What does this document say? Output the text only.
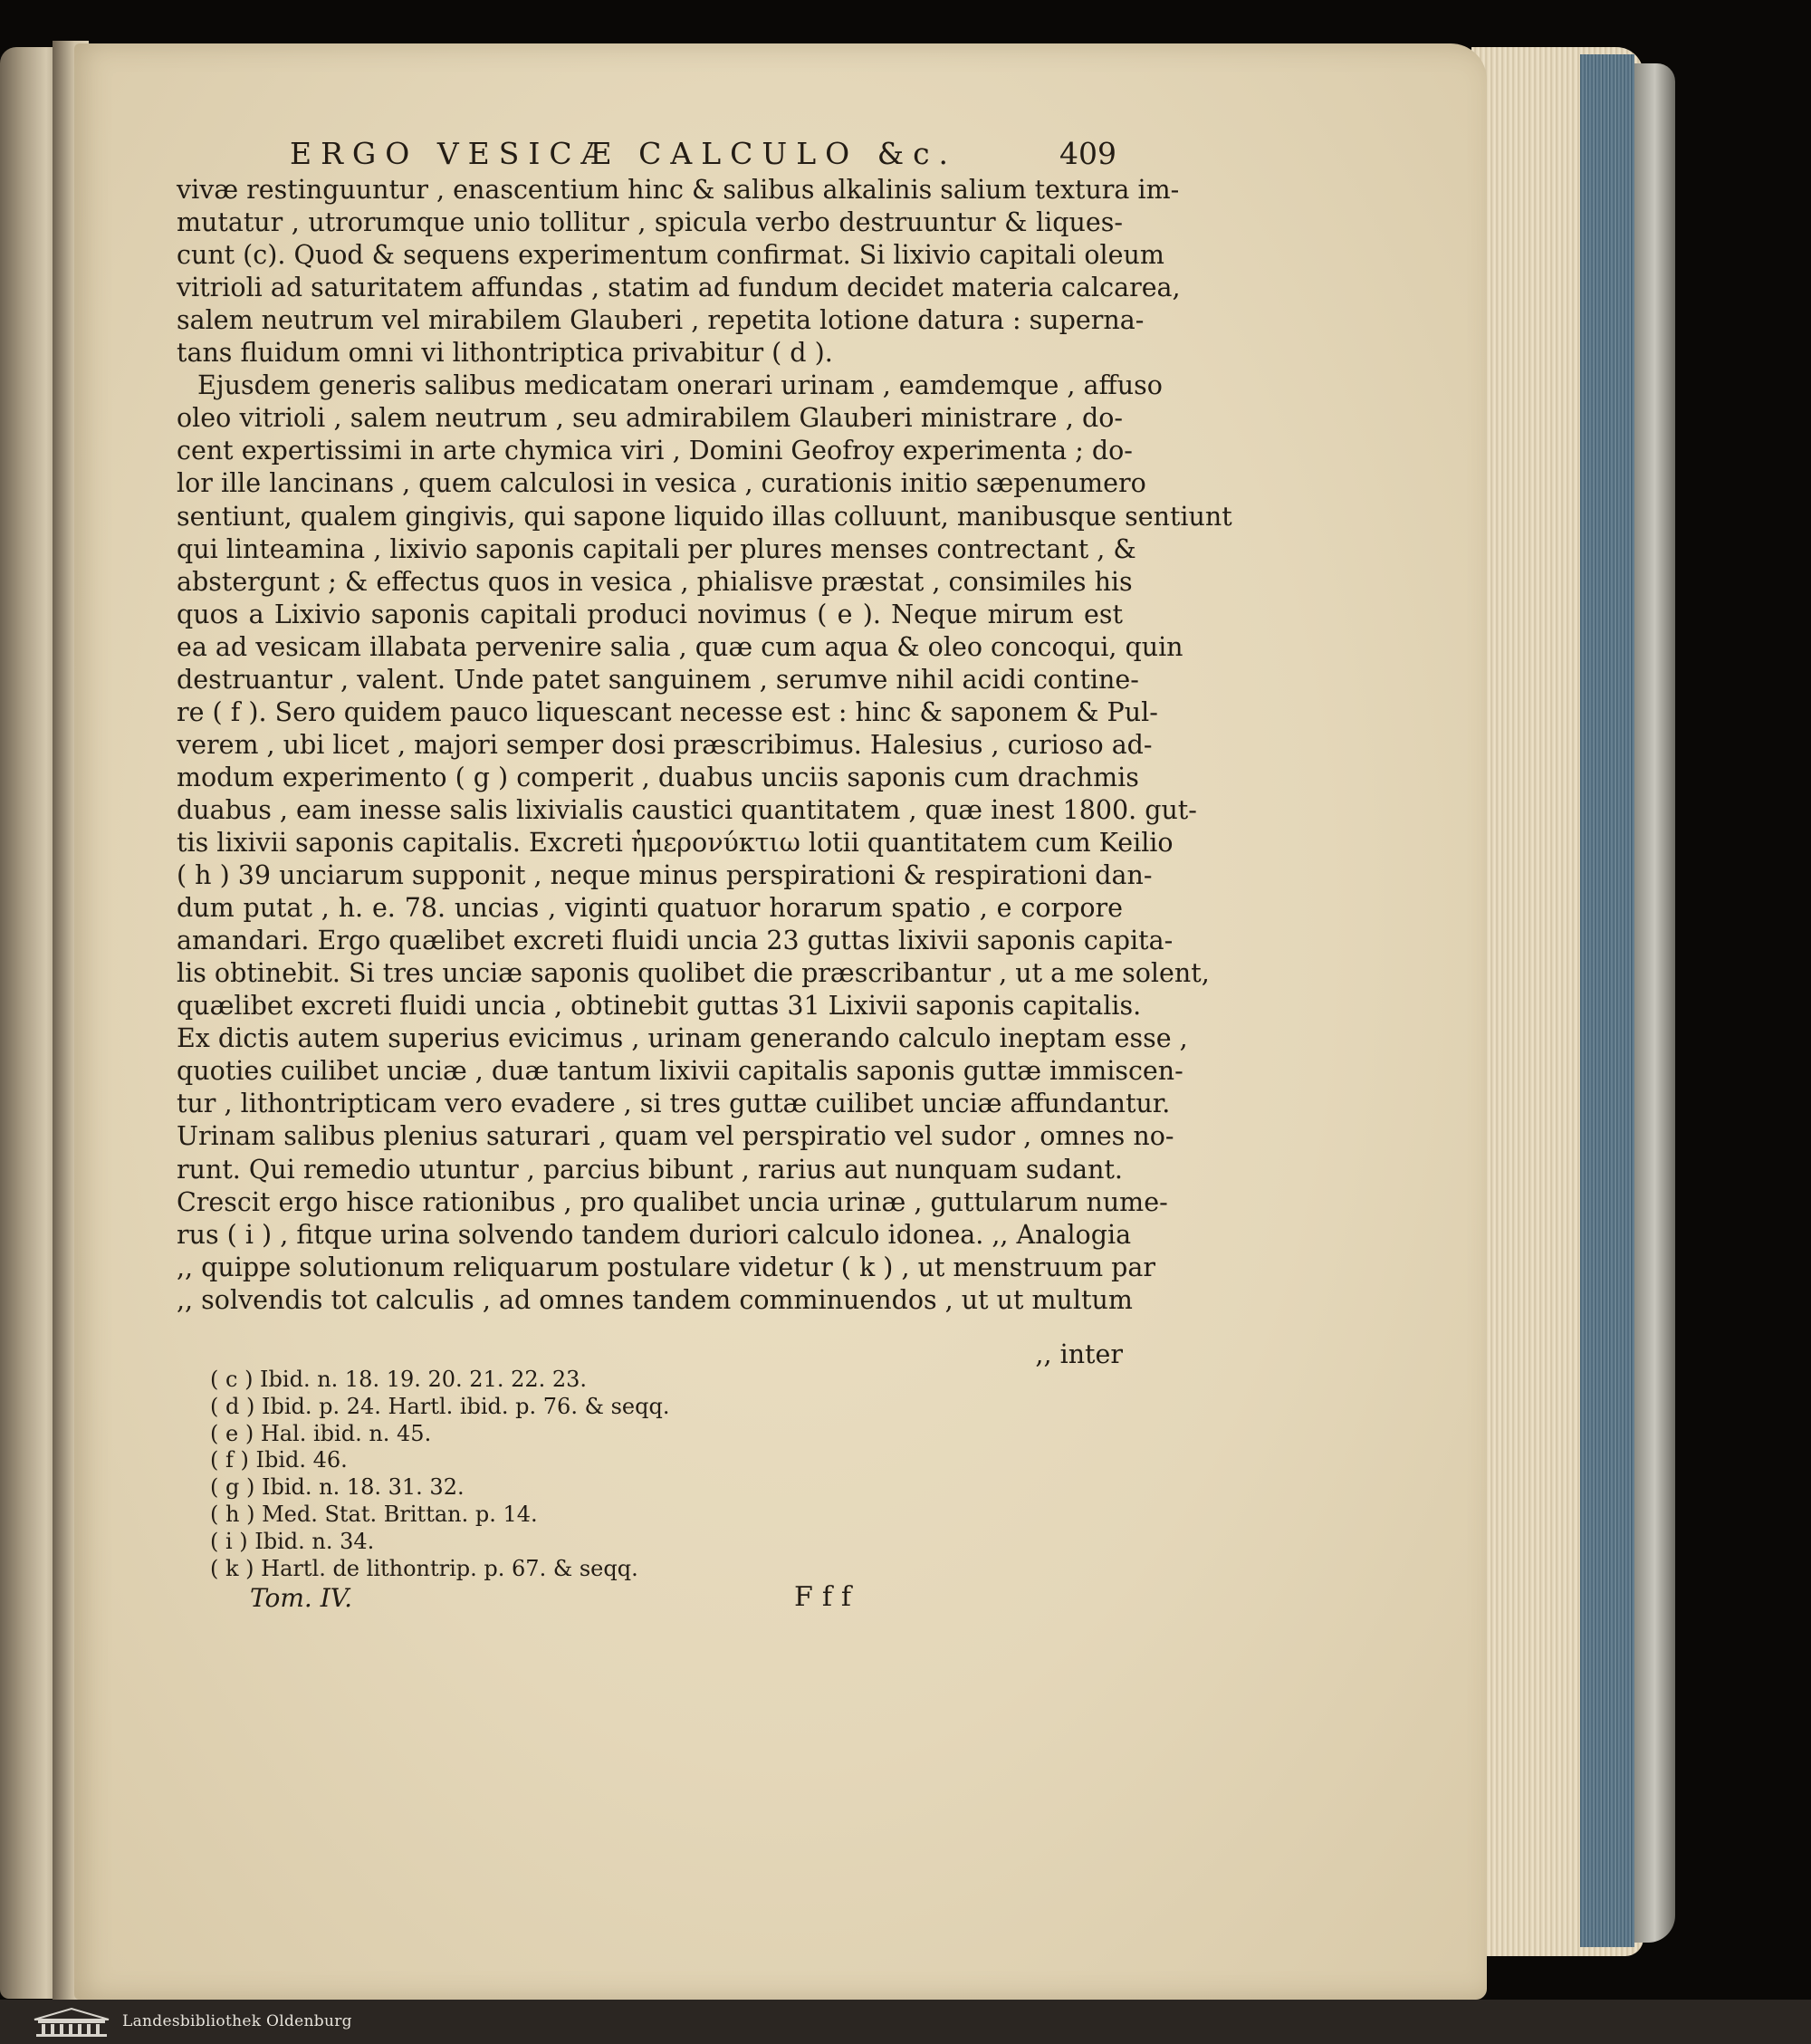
ERGO VESICÆ CALCULO &c.	409
vivæ restinguuntur , enascentium hinc & salibus alkalinis salium textura im-
mutatur , utrorumque unio tollitur , spicula verbo destruuntur & liques-
cunt (c). Quod & sequens experimentum confirmat. Si lixivio capitali oleum
vitrioli ad saturitatem affundas , statim ad fundum decidet materia calcarea,
salem neutrum vel mirabilem Glauberi , repetita lotione datura : superna-
tans fluidum omni vi lithontriptica privabitur ( d ).
Ejusdem generis salibus medicatam onerari urinam , eamdemque , affuso
oleo vitrioli , salem neutrum , seu admirabilem Glauberi ministrare , do-
cent expertissimi in arte chymica viri , Domini Geofroy experimenta ; do-
lor ille lancinans , quem calculosi in vesica , curationis initio sæpenumero
sentiunt, qualem gingivis, qui sapone liquido illas colluunt, manibusque sentiunt
qui linteamina , lixivio saponis capitali per plures menses contrectant , &
abstergunt ; & effectus quos in vesica , phialisve præstat , consimiles his
quos a Lixivio saponis capitali produci novimus ( e ). Neque mirum est
ea ad vesicam illabata pervenire salia , quæ cum aqua & oleo concoqui, quin
destruantur , valent. Unde patet sanguinem , serumve nihil acidi contine-
re ( f ). Sero quidem pauco liquescant necesse est : hinc & saponem & Pul-
verem , ubi licet , majori semper dosi præscribimus. Halesius , curioso ad-
modum experimento ( g ) comperit , duabus unciis saponis cum drachmis
duabus , eam inesse salis lixivialis caustici quantitatem , quæ inest 1800. gut-
tis lixivii saponis capitalis. Excreti ἡμερονύκτιω lotii quantitatem cum Keilio
( h ) 39 unciarum supponit , neque minus perspirationi & respirationi dan-
dum putat , h. e. 78. uncias , viginti quatuor horarum spatio , e corpore
amandari. Ergo quælibet excreti fluidi uncia 23 guttas lixivii saponis capita-
lis obtinebit. Si tres unciæ saponis quolibet die præscribantur , ut a me solent,
quælibet excreti fluidi uncia , obtinebit guttas 31 Lixivii saponis capitalis.
Ex dictis autem superius evicimus , urinam generando calculo ineptam esse ,
quoties cuilibet unciæ , duæ tantum lixivii capitalis saponis guttæ immiscen-
tur , lithontripticam vero evadere , si tres guttæ cuilibet unciæ affundantur.
Urinam salibus plenius saturari , quam vel perspiratio vel sudor , omnes no-
runt. Qui remedio utuntur , parcius bibunt , rarius aut nunquam sudant.
Crescit ergo hisce rationibus , pro qualibet uncia urinæ , guttularum nume-
rus ( i ) , fitque urina solvendo tandem duriori calculo idonea. ,, Analogia
,, quippe solutionum reliquarum postulare videtur ( k ) , ut menstruum par
,, solvendis tot calculis , ad omnes tandem comminuendos , ut ut multum
,, inter
( c ) Ibid. n. 18. 19. 20. 21. 22. 23.
( d ) Ibid. p. 24. Hartl. ibid. p. 76. & seqq.
( e ) Hal. ibid. n. 45.
( f ) Ibid. 46.
( g ) Ibid. n. 18. 31. 32.
( h ) Med. Stat. Brittan. p. 14.
( i ) Ibid. n. 34.
( k ) Hartl. de lithontrip. p. 67. & seqq.
Tom. IV.	Fff
Landesbibliothek Oldenburg
